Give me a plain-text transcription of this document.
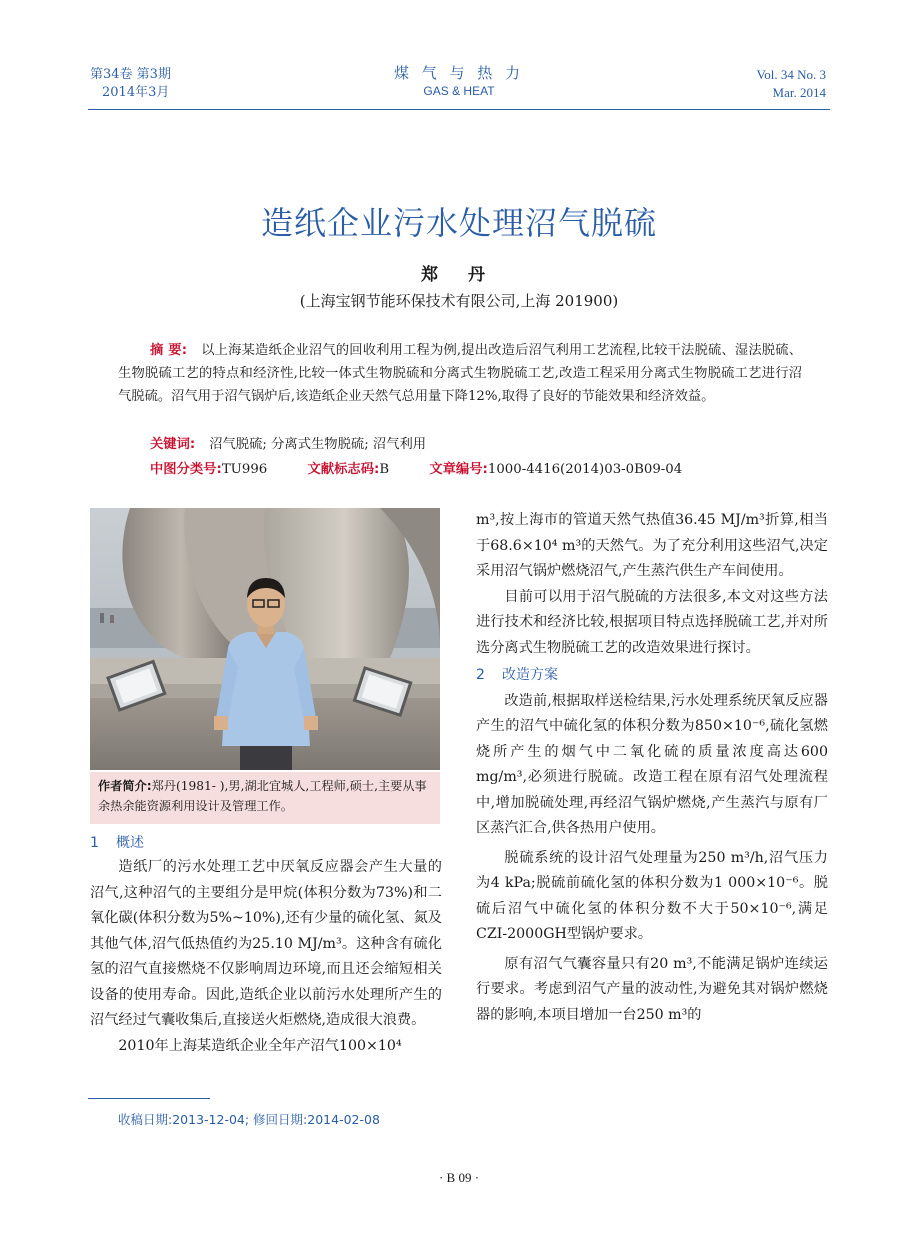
第34卷 第3期
2014年3月
煤 气 与 热 力
GAS & HEAT
Vol. 34 No. 3
Mar. 2014
造纸企业污水处理沼气脱硫
郑 丹
(上海宝钢节能环保技术有限公司,上海 201900)
摘 要: 以上海某造纸企业沼气的回收利用工程为例,提出改造后沼气利用工艺流程,比较干法脱硫、湿法脱硫、生物脱硫工艺的特点和经济性,比较一体式生物脱硫和分离式生物脱硫工艺,改造工程采用分离式生物脱硫工艺进行沼气脱硫。沼气用于沼气锅炉后,该造纸企业天然气总用量下降12%,取得了良好的节能效果和经济效益。
关键词: 沼气脱硫; 分离式生物脱硫; 沼气利用
中图分类号:TU996	文献标志码:B	文章编号:1000-4416(2014)03-0B09-04
作者简介:郑丹(1981- ),男,湖北宜城人,工程师,硕士,主要从事余热余能资源利用设计及管理工作。
1 概述

造纸厂的污水处理工艺中厌氧反应器会产生大量的沼气,这种沼气的主要组分是甲烷(体积分数为73%)和二氧化碳(体积分数为5%~10%),还有少量的硫化氢、氮及其他气体,沼气低热值约为25.10 MJ/m³。这种含有硫化氢的沼气直接燃烧不仅影响周边环境,而且还会缩短相关设备的使用寿命。因此,造纸企业以前污水处理所产生的沼气经过气囊收集后,直接送火炬燃烧,造成很大浪费。

2010年上海某造纸企业全年产沼气100×10⁴

m³,按上海市的管道天然气热值36.45 MJ/m³折算,相当于68.6×10⁴ m³的天然气。为了充分利用这些沼气,决定采用沼气锅炉燃烧沼气,产生蒸汽供生产车间使用。

目前可以用于沼气脱硫的方法很多,本文对这些方法进行技术和经济比较,根据项目特点选择脱硫工艺,并对所选分离式生物脱硫工艺的改造效果进行探讨。

2 改造方案

改造前,根据取样送检结果,污水处理系统厌氧反应器产生的沼气中硫化氢的体积分数为850×10⁻⁶,硫化氢燃烧所产生的烟气中二氧化硫的质量浓度高达600 mg/m³,必须进行脱硫。改造工程在原有沼气处理流程中,增加脱硫处理,再经沼气锅炉燃烧,产生蒸汽与原有厂区蒸汽汇合,供各热用户使用。

脱硫系统的设计沼气处理量为250 m³/h,沼气压力为4 kPa;脱硫前硫化氢的体积分数为1 000×10⁻⁶。脱硫后沼气中硫化氢的体积分数不大于50×10⁻⁶,满足CZI-2000GH型锅炉要求。

原有沼气气囊容量只有20 m³,不能满足锅炉连续运行要求。考虑到沼气产量的波动性,为避免其对锅炉燃烧器的影响,本项目增加一台250 m³的

收稿日期:2013-12-04; 修回日期:2014-02-08
· B 09 ·
